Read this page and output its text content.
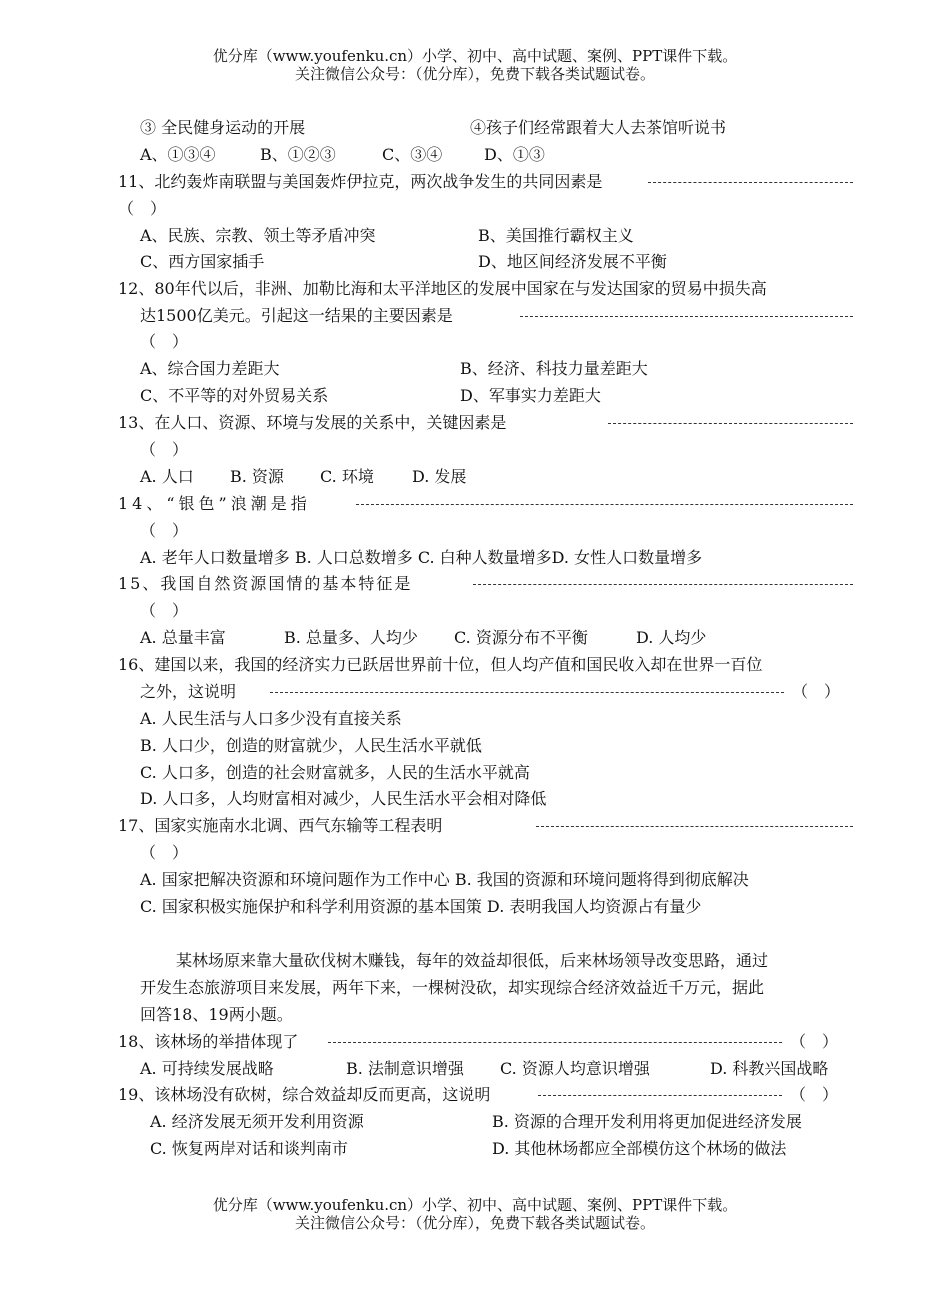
优分库（www.youfenku.cn）小学、初中、高中试题、案例、PPT课件下载。
关注微信公众号：（优分库），免费下载各类试题试卷。
③ 全民健身运动的开展	④孩子们经常跟着大人去茶馆听说书
A、①③④	B、①②③	C、③④	D、①③
11、北约轰炸南联盟与美国轰炸伊拉克，两次战争发生的共同因素是
（　）
A、民族、宗教、领土等矛盾冲突	B、美国推行霸权主义
C、西方国家插手	D、地区间经济发展不平衡
12、80年代以后，非洲、加勒比海和太平洋地区的发展中国家在与发达国家的贸易中损失高
达1500亿美元。引起这一结果的主要因素是
（　）
A、综合国力差距大	B、经济、科技力量差距大
C、不平等的对外贸易关系	D、军事实力差距大
13、在人口、资源、环境与发展的关系中，关键因素是
（　）
A. 人口 B. 资源 C. 环境 D. 发展
14、“银色”浪潮是指
（　）
A. 老年人口数量增多 B. 人口总数增多 C. 白种人数量增多D. 女性人口数量增多
15、我国自然资源国情的基本特征是
（　）
A. 总量丰富	B. 总量多、人均少 C. 资源分布不平衡	D. 人均少
16、建国以来，我国的经济实力已跃居世界前十位，但人均产值和国民收入却在世界一百位
之外，这说明	（　）
A. 人民生活与人口多少没有直接关系
B. 人口少，创造的财富就少，人民生活水平就低
C. 人口多，创造的社会财富就多，人民的生活水平就高
D. 人口多，人均财富相对减少，人民生活水平会相对降低
17、国家实施南水北调、西气东输等工程表明
（　）
A. 国家把解决资源和环境问题作为工作中心 B. 我国的资源和环境问题将得到彻底解决
C. 国家积极实施保护和科学利用资源的基本国策 D. 表明我国人均资源占有量少
某林场原来靠大量砍伐树木赚钱，每年的效益却很低，后来林场领导改变思路，通过
开发生态旅游项目来发展，两年下来，一棵树没砍，却实现综合经济效益近千万元，据此
回答18、19两小题。
18、该林场的举措体现了	（　）
A. 可持续发展战略	B. 法制意识增强 C. 资源人均意识增强	D. 科教兴国战略
19、该林场没有砍树，综合效益却反而更高，这说明	（　）
A. 经济发展无须开发利用资源	B. 资源的合理开发利用将更加促进经济发展
C. 恢复两岸对话和谈判南市	D. 其他林场都应全部模仿这个林场的做法
优分库（www.youfenku.cn）小学、初中、高中试题、案例、PPT课件下载。
关注微信公众号：（优分库），免费下载各类试题试卷。
